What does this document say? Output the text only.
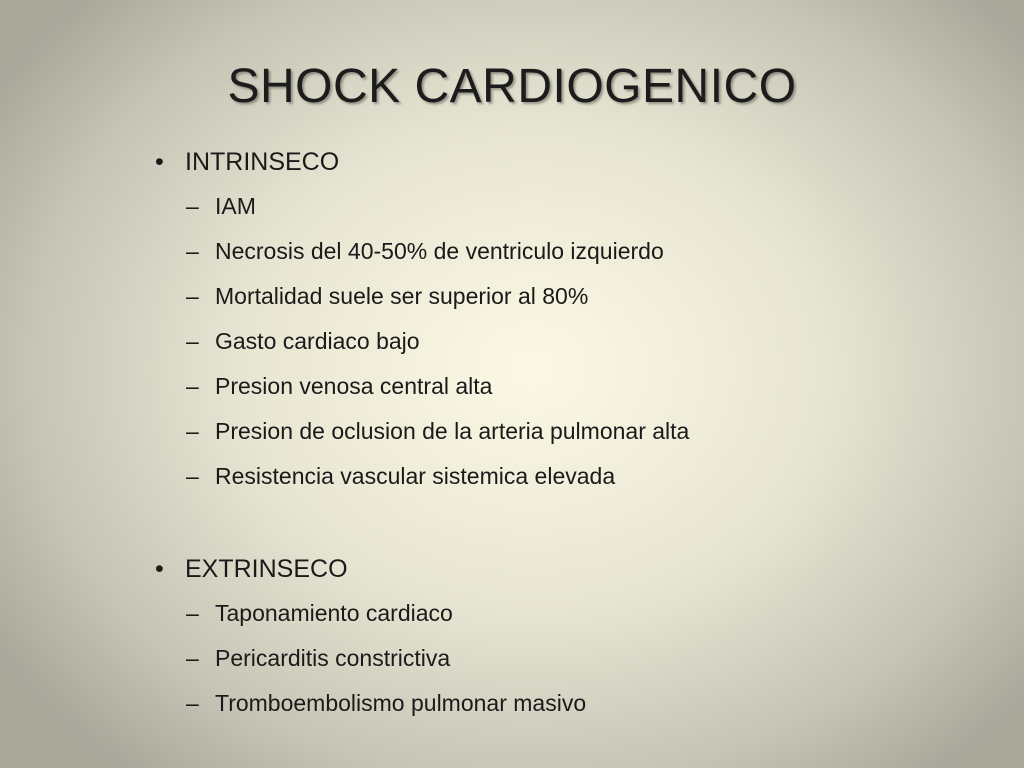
SHOCK CARDIOGENICO
• INTRINSECO
– IAM
– Necrosis del 40-50% de ventriculo izquierdo
– Mortalidad suele ser superior al 80%
– Gasto cardiaco bajo
– Presion venosa central alta
– Presion de oclusion de la arteria pulmonar alta
– Resistencia vascular sistemica elevada
• EXTRINSECO
– Taponamiento cardiaco
– Pericarditis constrictiva
– Tromboembolismo pulmonar masivo
